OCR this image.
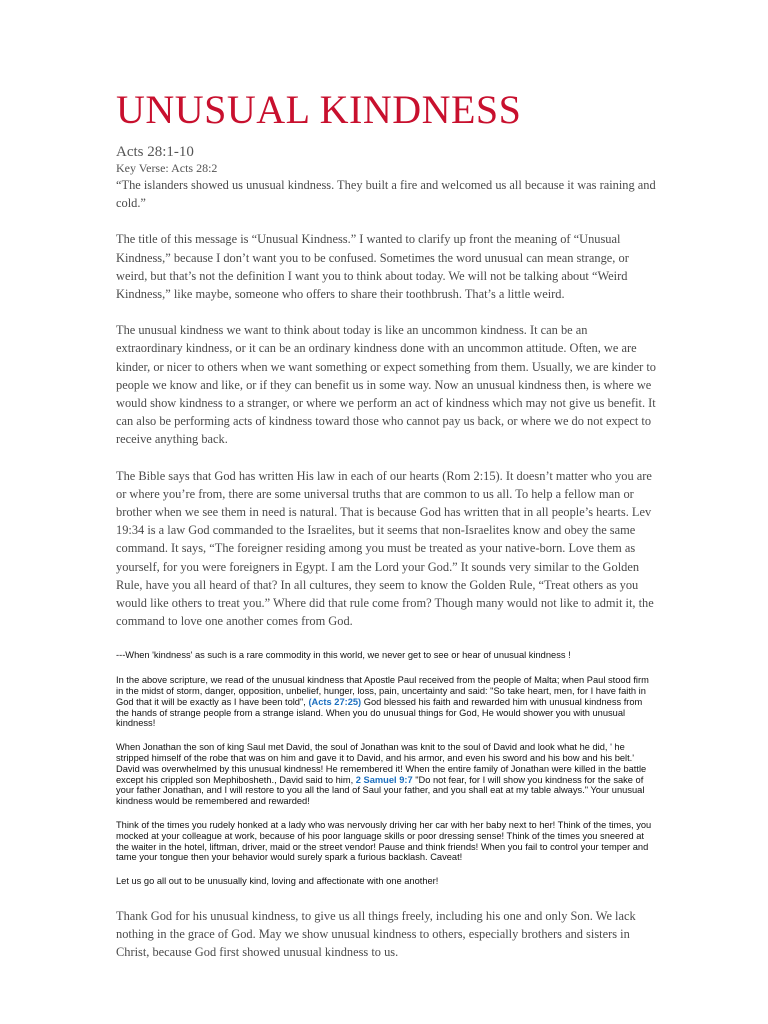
UNUSUAL KINDNESS
Acts 28:1-10
Key Verse: Acts 28:2

“The islanders showed us unusual kindness. They built a fire and welcomed us all because it was raining and cold.”

The title of this message is “Unusual Kindness.” I wanted to clarify up front the meaning of “Unusual Kindness,” because I don’t want you to be confused. Sometimes the word unusual can mean strange, or weird, but that’s not the definition I want you to think about today. We will not be talking about “Weird Kindness,” like maybe, someone who offers to share their toothbrush. That’s a little weird.

The unusual kindness we want to think about today is like an uncommon kindness. It can be an extraordinary kindness, or it can be an ordinary kindness done with an uncommon attitude. Often, we are kinder, or nicer to others when we want something or expect something from them. Usually, we are kinder to people we know and like, or if they can benefit us in some way. Now an unusual kindness then, is where we would show kindness to a stranger, or where we perform an act of kindness which may not give us benefit. It can also be performing acts of kindness toward those who cannot pay us back, or where we do not expect to receive anything back.

The Bible says that God has written His law in each of our hearts (Rom 2:15). It doesn’t matter who you are or where you’re from, there are some universal truths that are common to us all. To help a fellow man or brother when we see them in need is natural. That is because God has written that in all people’s hearts. Lev 19:34 is a law God commanded to the Israelites, but it seems that non-Israelites know and obey the same command. It says, “The foreigner residing among you must be treated as your native-born. Love them as yourself, for you were foreigners in Egypt. I am the Lord your God.” It sounds very similar to the Golden Rule, have you all heard of that? In all cultures, they seem to know the Golden Rule, “Treat others as you would like others to treat you.” Where did that rule come from? Though many would not like to admit it, the command to love one another comes from God.

---When 'kindness' as such is a rare commodity in this world, we never get to see or hear of unusual kindness !

In the above scripture, we read of the unusual kindness that Apostle Paul received from the people of Malta; when Paul stood firm in the midst of storm, danger, opposition, unbelief, hunger, loss, pain, uncertainty and said: "So take heart, men, for I have faith in God that it will be exactly as I have been told", (Acts 27:25) God blessed his faith and rewarded him with unusual kindness from the hands of strange people from a strange island. When you do unusual things for God, He would shower you with unusual kindness!

When Jonathan the son of king Saul met David, the soul of Jonathan was knit to the soul of David and look what he did, ' he stripped himself of the robe that was on him and gave it to David, and his armor, and even his sword and his bow and his belt.' David was overwhelmed by this unusual kindness! He remembered it! When the entire family of Jonathan were killed in the battle except his crippled son Mephibosheth., David said to him, 2 Samuel 9:7 "Do not fear, for I will show you kindness for the sake of your father Jonathan, and I will restore to you all the land of Saul your father, and you shall eat at my table always." Your unusual kindness would be remembered and rewarded!

Think of the times you rudely honked at a lady who was nervously driving her car with her baby next to her! Think of the times, you mocked at your colleague at work, because of his poor language skills or poor dressing sense! Think of the times you sneered at the waiter in the hotel, liftman, driver, maid or the street vendor! Pause and think friends! When you fail to control your temper and tame your tongue then your behavior would surely spark a furious backlash. Caveat!

Let us go all out to be unusually kind, loving and affectionate with one another!

Thank God for his unusual kindness, to give us all things freely, including his one and only Son. We lack nothing in the grace of God. May we show unusual kindness to others, especially brothers and sisters in Christ, because God first showed unusual kindness to us.
